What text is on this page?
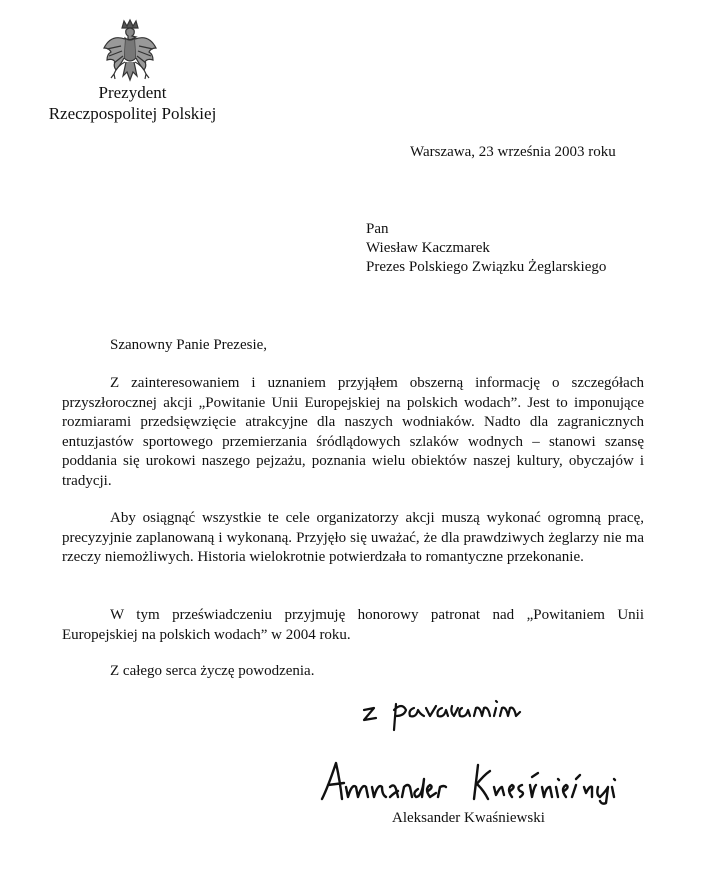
Prezydent
Rzeczpospolitej Polskiej
Warszawa, 23 września 2003 roku
Pan
Wiesław Kaczmarek
Prezes Polskiego Związku Żeglarskiego
Szanowny Panie Prezesie,

Z zainteresowaniem i uznaniem przyjąłem obszerną informację o szczegółach przyszłorocznej akcji „Powitanie Unii Europejskiej na polskich wodach”. Jest to imponujące rozmiarami przedsięwzięcie atrakcyjne dla naszych wodniaków. Nadto dla zagranicznych entuzjastów sportowego przemierzania śródlądowych szlaków wodnych – stanowi szansę poddania się urokowi naszego pejzażu, poznania wielu obiektów naszej kultury, obyczajów i tradycji.

Aby osiągnąć wszystkie te cele organizatorzy akcji muszą wykonać ogromną pracę, precyzyjnie zaplanowaną i wykonaną. Przyjęło się uważać, że dla prawdziwych żeglarzy nie ma rzeczy niemożliwych. Historia wielokrotnie potwierdzała to romantyczne przekonanie.

W tym przeświadczeniu przyjmuję honorowy patronat nad „Powitaniem Unii Europejskiej na polskich wodach” w 2004 roku.

Z całego serca życzę powodzenia.
Aleksander Kwaśniewski
